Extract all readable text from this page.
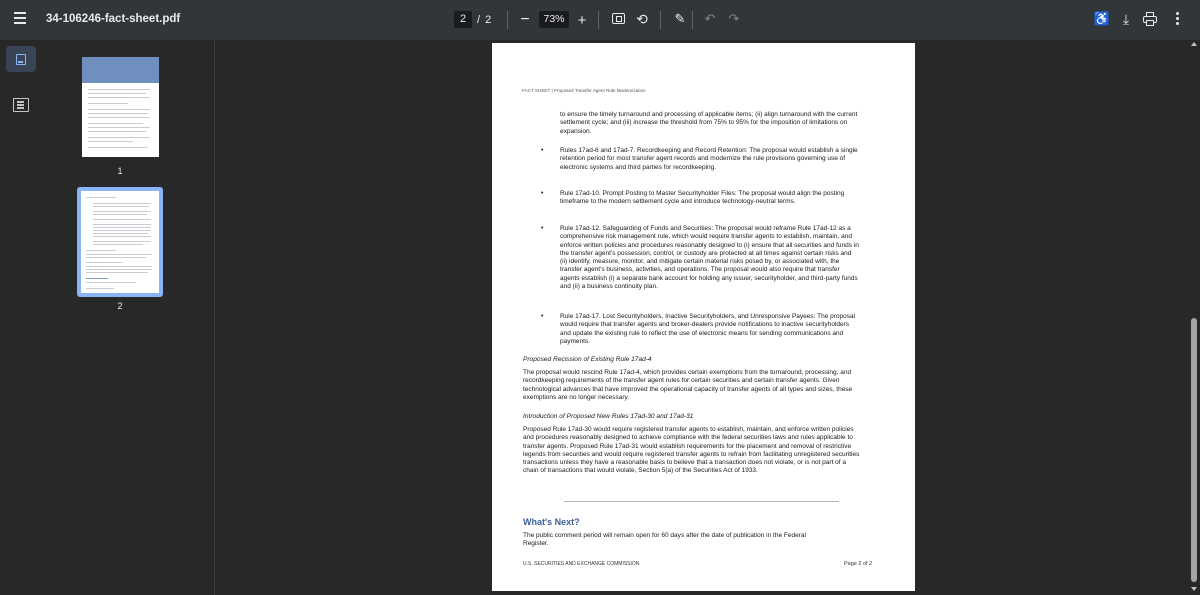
34-106246-fact-sheet.pdf	2 / 2 −	73% +	⟲ ✎ ↶ ↷	♿ ⤓
1
2
FACT SHEET | Proposed Transfer Agent Rule Modernization
to ensure the timely turnaround and processing of applicable items; (ii) align turnaround with the current settlement cycle; and (iii) increase the threshold from 75% to 95% for the imposition of limitations on expansion.
•	Rules 17ad-6 and 17ad-7. Recordkeeping and Record Retention: The proposal would establish a single retention period for most transfer agent records and modernize the rule provisions governing use of electronic systems and third parties for recordkeeping.
•	Rule 17ad-10. Prompt Posting to Master Securityholder Files: The proposal would align the posting timeframe to the modern settlement cycle and introduce technology-neutral terms.
•	Rule 17ad-12. Safeguarding of Funds and Securities: The proposal would reframe Rule 17ad-12 as a comprehensive risk management rule, which would require transfer agents to establish, maintain, and enforce written policies and procedures reasonably designed to (i) ensure that all securities and funds in the transfer agent's possession, control, or custody are protected at all times against certain risks and (ii) identify, measure, monitor, and mitigate certain material risks posed by, or associated with, the transfer agent's business, activities, and operations. The proposal would also require that transfer agents establish (i) a separate bank account for holding any issuer, securityholder, and third-party funds and (ii) a business continuity plan.
•	Rule 17ad-17. Lost Securityholders, Inactive Securityholders, and Unresponsive Payees: The proposal would require that transfer agents and broker-dealers provide notifications to inactive securityholders and update the existing rule to reflect the use of electronic means for sending communications and payments.
Proposed Recission of Existing Rule 17ad-4
The proposal would rescind Rule 17ad-4, which provides certain exemptions from the turnaround, processing, and recordkeeping requirements of the transfer agent rules for certain securities and certain transfer agents. Given technological advances that have improved the operational capacity of transfer agents of all types and sizes, these exemptions are no longer necessary.
Introduction of Proposed New Rules 17ad-30 and 17ad-31
Proposed Rule 17ad-30 would require registered transfer agents to establish, maintain, and enforce written policies and procedures reasonably designed to achieve compliance with the federal securities laws and rules applicable to transfer agents. Proposed Rule 17ad-31 would establish requirements for the placement and removal of restrictive legends from securities and would require registered transfer agents to refrain from facilitating unregistered securities transactions unless they have a reasonable basis to believe that a transaction does not violate, or is not part of a chain of transactions that would violate, Section 5(a) of the Securities Act of 1933.
What's Next?
The public comment period will remain open for 60 days after the date of publication in the Federal Register.
U.S. SECURITIES AND EXCHANGE COMMISSION	Page 2 of 2
